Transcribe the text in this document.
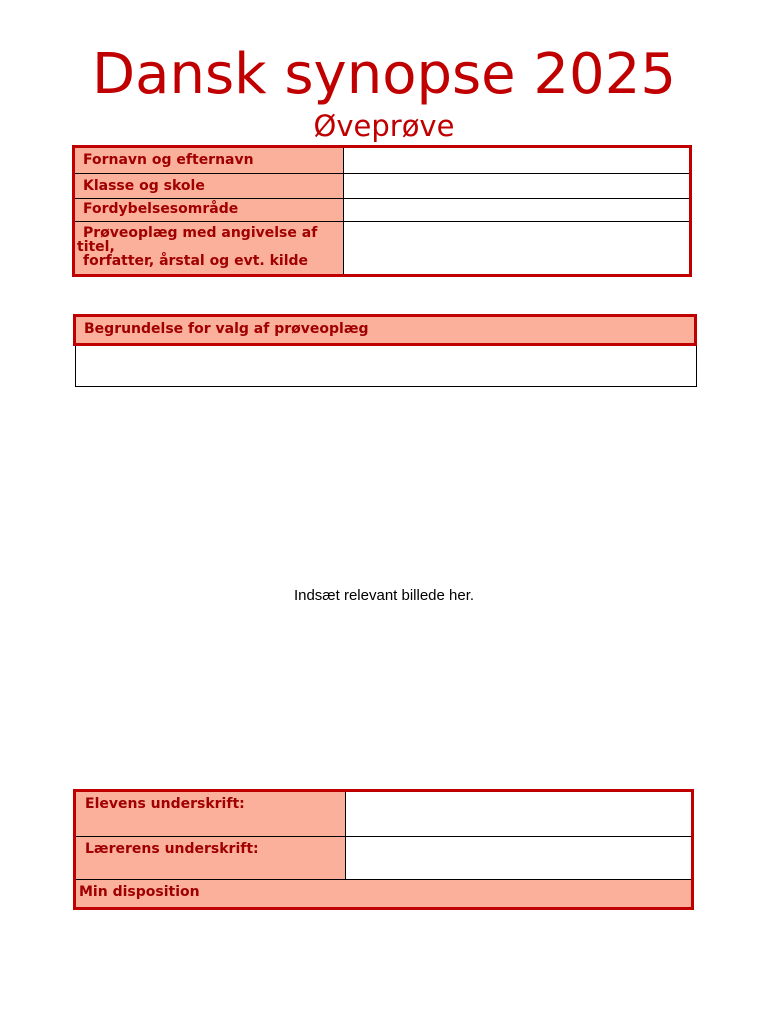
Dansk synopse 2025
Øveprøve
Fornavn og efternavn	
Klasse og skole	
Fordybelsesområde	

Prøveoplæg med angivelse af
titel,
forfatter, årstal og evt. kilde	

Begrundelse for valg af prøveoplæg
Indsæt relevant billede her.
Elevens underskrift:	
Lærerens underskrift:	
Min disposition	
